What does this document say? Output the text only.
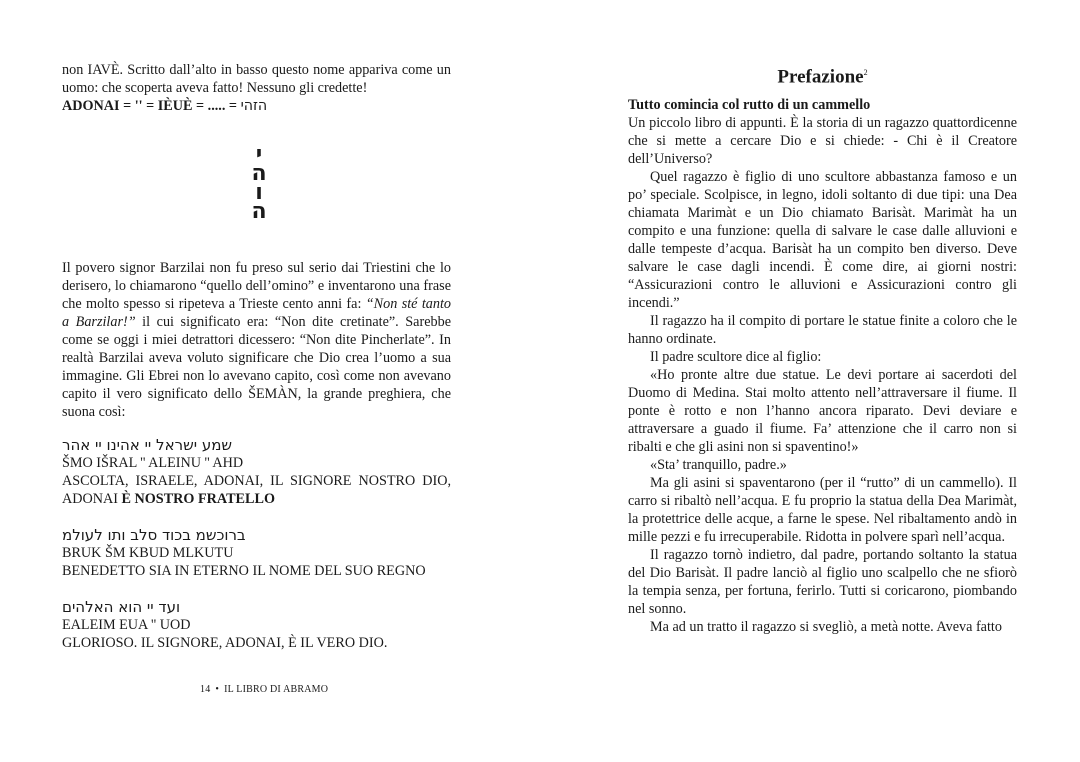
non IAVÈ. Scritto dall’alto in basso questo nome appariva come un uomo: che scoperta aveva fatto! Nessuno gli credette!

ADONAI = '' = IÈUÈ = ..... = הזהי

י
ה
ו
ה

Il povero signor Barzilai non fu preso sul serio dai Triestini che lo derisero, lo chiamarono “quello dell’omino” e inventarono una frase che molto spesso si ripeteva a Trieste cento anni fa: “Non sté tanto a Barzilar!” il cui significato era: “Non dite cretinate”. Sarebbe come se oggi i miei detrattori dicessero: “Non dite Pincherlate”. In realtà Barzilai aveva voluto significare che Dio crea l’uomo a sua immagine. Gli Ebrei non lo avevano capito, così come non avevano capito il vero significato dello ŠEMÀN, la grande preghiera, che suona così:

שמע ישראל יי אהינו יי אהר

ŠMO IŠRAL '' ALEINU '' AHD

ASCOLTA, ISRAELE, ADONAI, IL SIGNORE NOSTRO DIO, ADONAI È NOSTRO FRATELLO

ברוכשמ בכוד סלב ותו לעולמ

BRUK ŠM KBUD MLKUTU

BENEDETTO SIA IN ETERNO IL NOME DEL SUO REGNO

ועד יי הוא האלהים

EALEIM EUA '' UOD

GLORIOSO. IL SIGNORE, ADONAI, È IL VERO DIO.

14 • IL LIBRO DI ABRAMO

Prefazione$^2$

Tutto comincia col rutto di un cammello

Un piccolo libro di appunti. È la storia di un ragazzo quattordicenne che si mette a cercare Dio e si chiede: - Chi è il Creatore dell’Universo?

Quel ragazzo è figlio di uno scultore abbastanza famoso e un po’ speciale. Scolpisce, in legno, idoli soltanto di due tipi: una Dea chiamata Marimàt e un Dio chiamato Barisàt. Marimàt ha un compito e una funzione: quella di salvare le case dalle alluvioni e dalle tempeste d’acqua. Barisàt ha un compito ben diverso. Deve salvare le case dagli incendi. È come dire, ai giorni nostri: “Assicurazioni contro le alluvioni e Assicurazioni contro gli incendi.”

Il ragazzo ha il compito di portare le statue finite a coloro che le hanno ordinate.

Il padre scultore dice al figlio:

«Ho pronte altre due statue. Le devi portare ai sacerdoti del Duomo di Medina. Stai molto attento nell’attraversare il fiume. Il ponte è rotto e non l’hanno ancora riparato. Devi deviare e attraversare a guado il fiume. Fa’ attenzione che il carro non si ribalti e che gli asini non si spaventino!»

«Sta’ tranquillo, padre.»

Ma gli asini si spaventarono (per il “rutto” di un cammello). Il carro si ribaltò nell’acqua. E fu proprio la statua della Dea Marimàt, la protettrice delle acque, a farne le spese. Nel ribaltamento andò in mille pezzi e fu irrecuperabile. Ridotta in polvere sparì nell’acqua.

Il ragazzo tornò indietro, dal padre, portando soltanto la statua del Dio Barisàt. Il padre lanciò al figlio uno scalpello che ne sfiorò la tempia senza, per fortuna, ferirlo. Tutti si coricarono, piombando nel sonno.

Ma ad un tratto il ragazzo si svegliò, a metà notte. Aveva fatto
